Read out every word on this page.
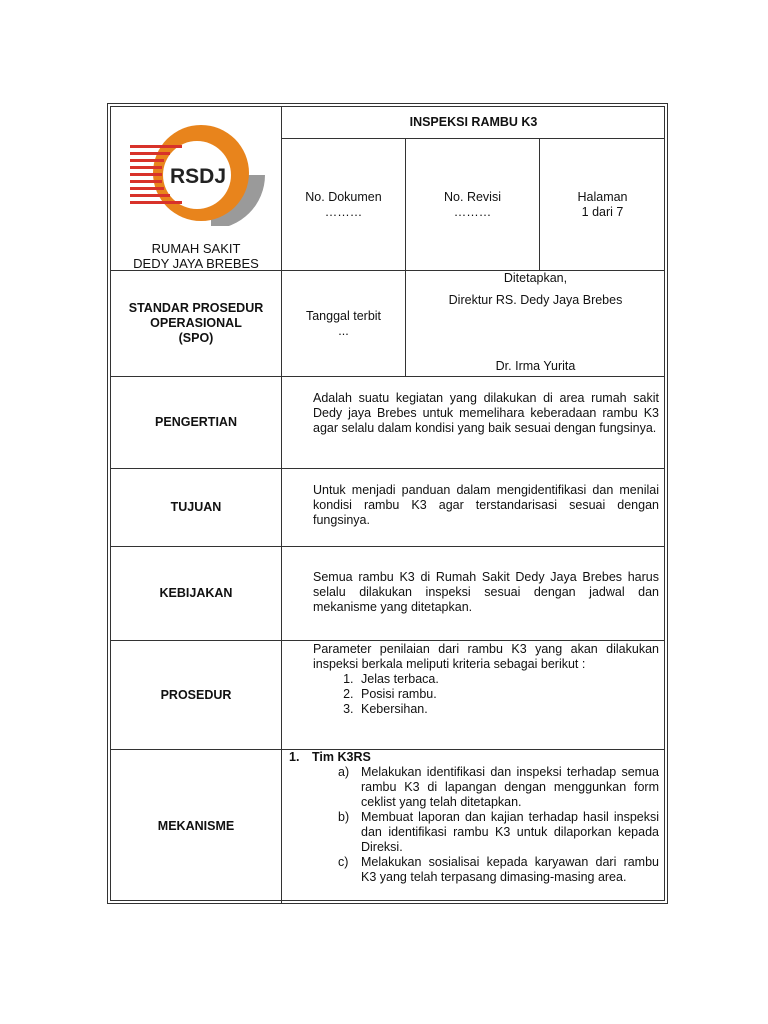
RSDJ
RUMAH SAKIT
DEDY JAYA BREBES
INSPEKSI RAMBU K3
No. Dokumen
………
No. Revisi
………
Halaman
1 dari 7
STANDAR PROSEDUR
OPERASIONAL
(SPO)
Tanggal terbit
...
Ditetapkan,
Direktur RS. Dedy Jaya Brebes
Dr. Irma Yurita
PENGERTIAN
Adalah suatu kegiatan yang dilakukan di area rumah sakit Dedy jaya Brebes untuk memelihara keberadaan rambu K3 agar selalu dalam kondisi yang baik sesuai dengan fungsinya.
TUJUAN
Untuk menjadi panduan dalam mengidentifikasi dan menilai kondisi rambu K3 agar terstandarisasi sesuai dengan fungsinya.
KEBIJAKAN
Semua rambu K3 di Rumah Sakit Dedy Jaya Brebes harus selalu dilakukan inspeksi sesuai dengan jadwal dan mekanisme yang ditetapkan.
PROSEDUR
Parameter penilaian dari rambu K3 yang akan dilakukan inspeksi berkala meliputi kriteria sebagai berikut :
1. Jelas terbaca.
2. Posisi rambu.
3. Kebersihan.
MEKANISME
1. Tim K3RS
a) Melakukan identifikasi dan inspeksi terhadap semua rambu K3 di lapangan dengan menggunkan form ceklist yang telah ditetapkan.
b) Membuat laporan dan kajian terhadap hasil inspeksi dan identifikasi rambu K3 untuk dilaporkan kepada Direksi.
c) Melakukan sosialisai kepada karyawan dari rambu K3 yang telah terpasang dimasing-masing area.
